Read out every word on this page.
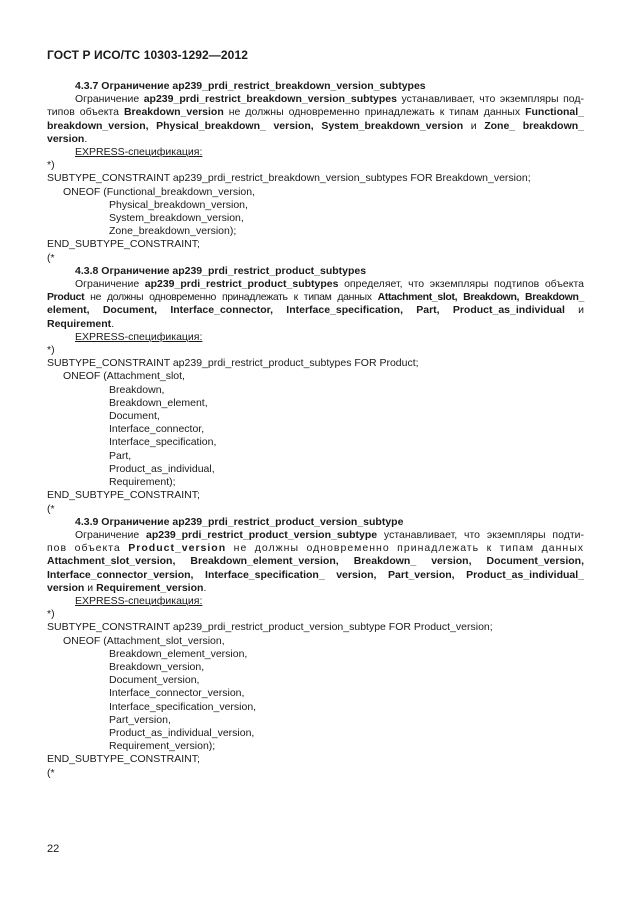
ГОСТ Р ИСО/ТС 10303-1292—2012
4.3.7 Ограничение ap239_prdi_restrict_breakdown_version_subtypes
Ограничение ap239_prdi_restrict_breakdown_version_subtypes устанавливает, что экземпляры под-
типов объекта Breakdown_version не должны одновременно принадлежать к типам данных Functional_
breakdown_version, Physical_breakdown_ version, System_breakdown_version и Zone_ breakdown_
version.
EXPRESS-спецификация:
*)
SUBTYPE_CONSTRAINT ap239_prdi_restrict_breakdown_version_subtypes FOR Breakdown_version;
ONEOF (Functional_breakdown_version,
Physical_breakdown_version,
System_breakdown_version,
Zone_breakdown_version);
END_SUBTYPE_CONSTRAINT;
(*
4.3.8 Ограничение ap239_prdi_restrict_product_subtypes
Ограничение ap239_prdi_restrict_product_subtypes определяет, что экземпляры подтипов объекта
Product не должны одновременно принадлежать к типам данных Attachment_slot, Breakdown, Breakdown_
element, Document, Interface_connector, Interface_specification, Part, Product_as_individual и
Requirement.
EXPRESS-спецификация:
*)
SUBTYPE_CONSTRAINT ap239_prdi_restrict_product_subtypes FOR Product;
ONEOF (Attachment_slot,
Breakdown,
Breakdown_element,
Document,
Interface_connector,
Interface_specification,
Part,
Product_as_individual,
Requirement);
END_SUBTYPE_CONSTRAINT;
(*
4.3.9 Ограничение ap239_prdi_restrict_product_version_subtype
Ограничение ap239_prdi_restrict_product_version_subtype устанавливает, что экземпляры подти-
пов объекта Product_version не должны одновременно принадлежать к типам данных
Attachment_slot_version, Breakdown_element_version, Breakdown_ version, Document_version,
Interface_connector_version, Interface_specification_ version, Part_version, Product_as_individual_
version и Requirement_version.
EXPRESS-спецификация:
*)
SUBTYPE_CONSTRAINT ap239_prdi_restrict_product_version_subtype FOR Product_version;
ONEOF (Attachment_slot_version,
Breakdown_element_version,
Breakdown_version,
Document_version,
Interface_connector_version,
Interface_specification_version,
Part_version,
Product_as_individual_version,
Requirement_version);
END_SUBTYPE_CONSTRAINT;
(*
22
